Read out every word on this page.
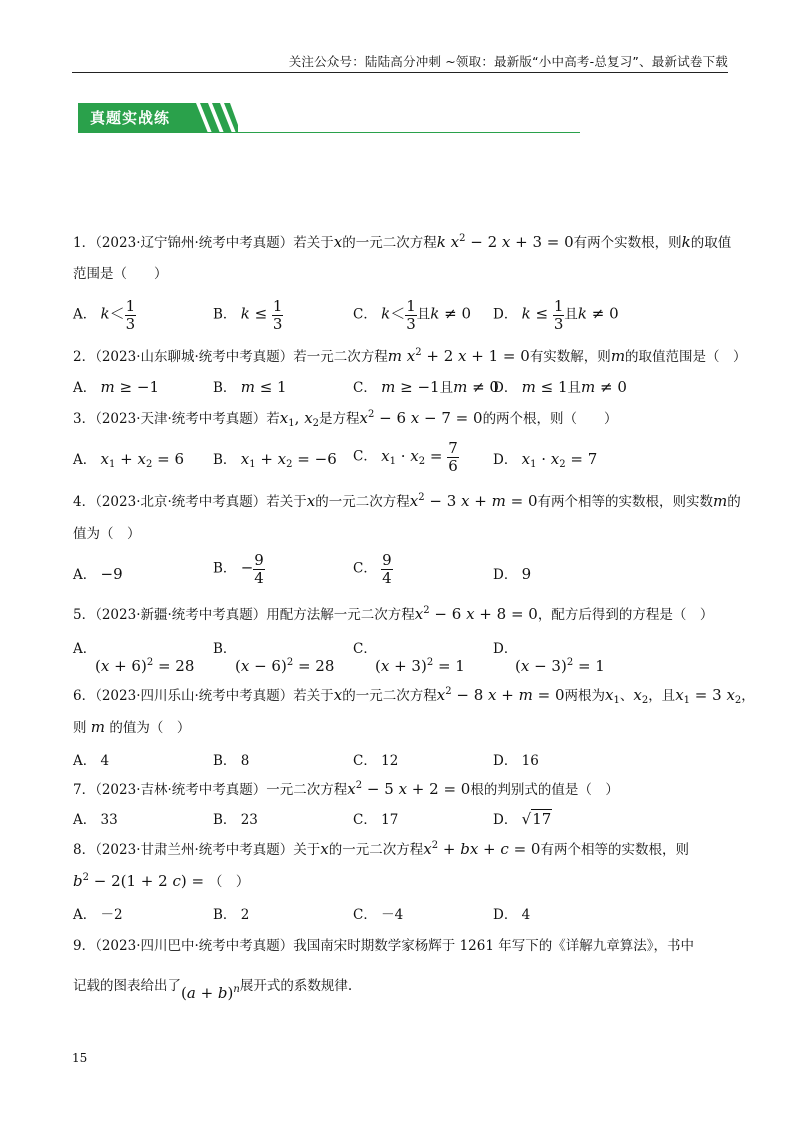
关注公众号：陆陆高分冲刺 ~领取：最新版“小中高考-总复习”、最新试卷下载
真题实战练
1．（2023·辽宁锦州·统考中考真题）若关于x的一元二次方程k $x^2 - 2$ x + 3 = 0有两个实数根，则k的取值
范围是（　　）
A． $k< \frac{1}{3}$	B． $k \le \frac{1}{3}$	C． $k< \frac{1}{3}$ 且k ≠ 0 D． $k \le \frac{1}{3}$ 且k ≠ 0
2．（2023·山东聊城·统考中考真题）若一元二次方程m $x^2 + 2$ x + 1 = 0有实数解，则m的取值范围是（　）
A． m ≥ −1	B． m ≤ 1	C． m ≥ −1且m ≠ 0
D． m ≤ 1且m ≠ 0
3．（2023·天津·统考中考真题）若$x_1$, $x_2$是方程$x^2 - 6$ x − 7 = 0的两个根，则（　　）
A． $x_1 + x_2 = 6$ B． $x_1 + x_2 = -6$ C． $x_1 \cdot x_2 = \frac{7}{6}$	D． $x_1 \cdot x_2 = 7$
4．（2023·北京·统考中考真题）若关于x的一元二次方程$x^2 - 3$ x + m = 0有两个相等的实数根，则实数m的
值为（　）
A． −9	B． − $\frac{9}{4}$	C． $\frac{9}{4}$	D． 9
5．（2023·新疆·统考中考真题）用配方法解一元二次方程$x^2 - 6$ x + 8 = 0，配方后得到的方程是（　）
A．
$(x + 6)^2 = 28$
B．
$(x - 6)^2 = 28$
C．
$(x + 3)^2 = 1$
D．
$(x - 3)^2 = 1$
6．（2023·四川乐山·统考中考真题）若关于x的一元二次方程$x^2 - 8$ x + m = 0两根为$x_1$、$x_2$，且$x_1 = 3$ $x_2$，
则 m 的值为（　）
A． 4	B． 8	C． 12	D． 16
7．（2023·吉林·统考中考真题）一元二次方程$x^2 - 5$ x + 2 = 0根的判别式的值是（　）
A． 33	B． 23	C． 17	D． √17
8．（2023·甘肃兰州·统考中考真题）关于x的一元二次方程$x^2$ + bx + c = 0有两个相等的实数根，则
$b^2 - 2(1 + 2$ c) = （　）
A． －2	B． 2	C． －4	D． 4
9．（2023·四川巴中·统考中考真题）我国南宋时期数学家杨辉于 1261 年写下的《详解九章算法》，书中
记载的图表给出了$(a + b)^n$展开式的系数规律.
15
